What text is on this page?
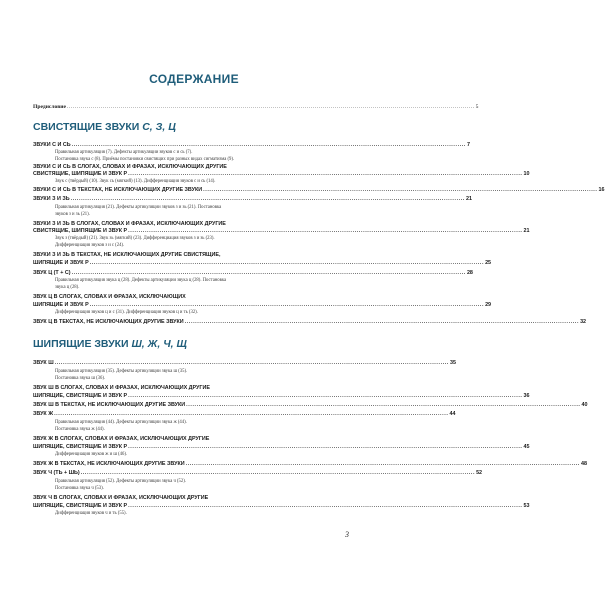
СОДЕРЖАНИЕ
Предисловие ............................................................................................................................................................................................................ 5
СВИСТЯЩИЕ ЗВУКИ С, З, Ц
ЗВУКИ С И СЬ ............................................................................................................................................................................................ 7
Правильная артикуляция (7). Дефекты артикуляции звуков с и сь (7).
Постановка звука с (8). Приёмы постановки свистящих при разных видах сигматизма (9).
ЗВУКИ С И СЬ В СЛОГАХ, СЛОВАХ И ФРАЗАХ, ИСКЛЮЧАЮЩИХ ДРУГИЕ
СВИСТЯЩИЕ, ШИПЯЩИЕ И ЗВУК Р ............................................................................................................................................................................................ 10
Звук с (твёрдый) (10). Звук сь (мягкий) (13). Дифференциация звуков с и сь (14).
ЗВУКИ С И СЬ В ТЕКСТАХ, НЕ ИСКЛЮЧАЮЩИХ ДРУГИЕ ЗВУКИ ............................................................................................................................................................................................ 16
ЗВУКИ З И ЗЬ ............................................................................................................................................................................................ 21
Правильная артикуляция (21). Дефекты артикуляции звуков з и зь (21). Постановка
звуков з и зь (21).
ЗВУКИ З И ЗЬ В СЛОГАХ, СЛОВАХ И ФРАЗАХ, ИСКЛЮЧАЮЩИХ ДРУГИЕ
СВИСТЯЩИЕ, ШИПЯЩИЕ И ЗВУК Р ............................................................................................................................................................................................ 21
Звук з (твёрдый) (21). Звук зь (мягкий) (23). Дифференциация звуков з и зь (23).
Дифференциация звуков з и с (24).
ЗВУКИ З И ЗЬ В ТЕКСТАХ, НЕ ИСКЛЮЧАЮЩИХ ДРУГИЕ СВИСТЯЩИЕ,
ШИПЯЩИЕ И ЗВУК Р ............................................................................................................................................................................................ 25
ЗВУК Ц (Т + С) ............................................................................................................................................................................................ 28
Правильная артикуляция звука ц (28). Дефекты артикуляции звука ц (28). Постановка
звука ц (28).
ЗВУК Ц В СЛОГАХ, СЛОВАХ И ФРАЗАХ, ИСКЛЮЧАЮЩИХ
ШИПЯЩИЕ И ЗВУК Р ............................................................................................................................................................................................ 29
Дифференциация звуков ц и с (31). Дифференциация звуков ц и ть (32).
ЗВУК Ц В ТЕКСТАХ, НЕ ИСКЛЮЧАЮЩИХ ДРУГИЕ ЗВУКИ ............................................................................................................................................................................................ 32
ШИПЯЩИЕ ЗВУКИ Ш, Ж, Ч, Щ
ЗВУК Ш ............................................................................................................................................................................................ 35
Правильная артикуляция (35). Дефекты артикуляции звука ш (35).
Постановка звука ш (36).
ЗВУК Ш В СЛОГАХ, СЛОВАХ И ФРАЗАХ, ИСКЛЮЧАЮЩИХ ДРУГИЕ
ШИПЯЩИЕ, СВИСТЯЩИЕ И ЗВУК Р ............................................................................................................................................................................................ 36
ЗВУК Ш В ТЕКСТАХ, НЕ ИСКЛЮЧАЮЩИХ ДРУГИЕ ЗВУКИ ............................................................................................................................................................................................ 40
ЗВУК Ж ............................................................................................................................................................................................ 44
Правильная артикуляция (44). Дефекты артикуляции звука ж (44).
Постановка звука ж (44).
ЗВУК Ж В СЛОГАХ, СЛОВАХ И ФРАЗАХ, ИСКЛЮЧАЮЩИХ ДРУГИЕ
ШИПЯЩИЕ, СВИСТЯЩИЕ И ЗВУК Р ............................................................................................................................................................................................ 45
Дифференциация звуков ж и ш (46).
ЗВУК Ж В ТЕКСТАХ, НЕ ИСКЛЮЧАЮЩИХ ДРУГИЕ ЗВУКИ ............................................................................................................................................................................................ 48
ЗВУК Ч (ТЬ + ШЬ) ............................................................................................................................................................................................ 52
Правильная артикуляция (52). Дефекты артикуляции звука ч (52).
Постановка звука ч (53).
ЗВУК Ч В СЛОГАХ, СЛОВАХ И ФРАЗАХ, ИСКЛЮЧАЮЩИХ ДРУГИЕ
ШИПЯЩИЕ, СВИСТЯЩИЕ И ЗВУК Р ............................................................................................................................................................................................ 53
Дифференциация звуков ч и ть (55).
3
